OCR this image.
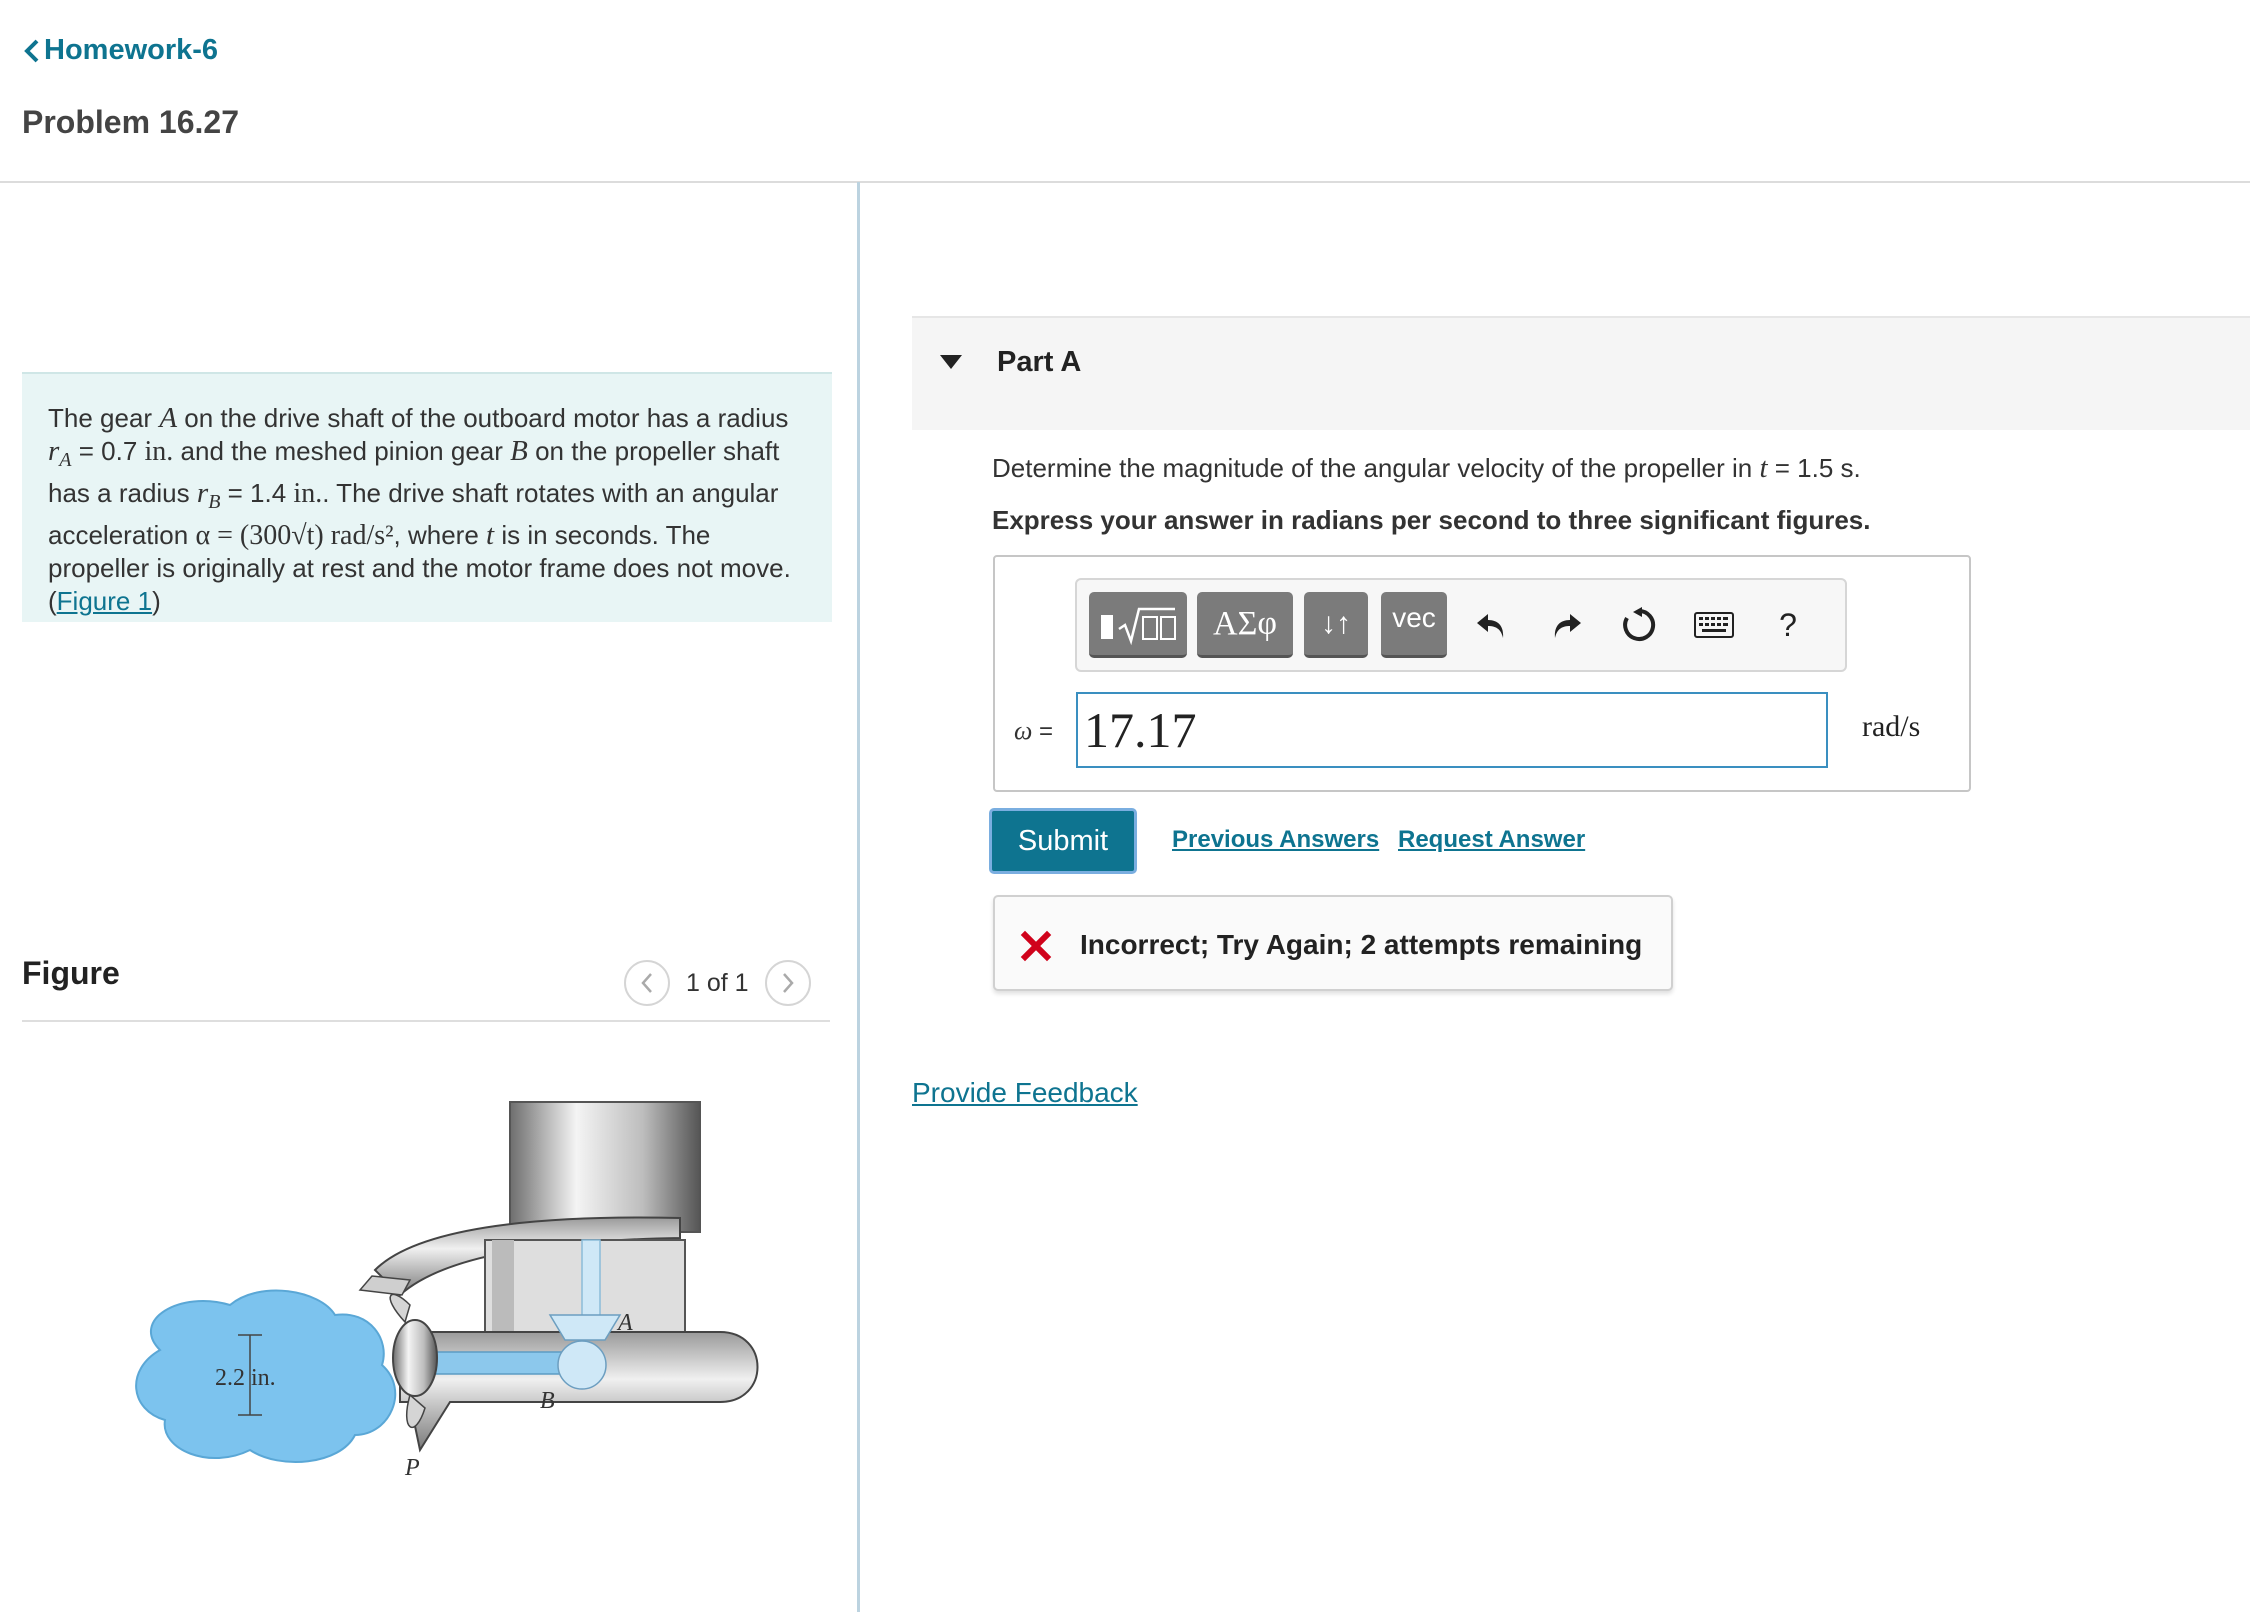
Homework-6
Problem 16.27
The gear A on the drive shaft of the outboard motor has a radius $r_A = 0.7$ in. and the meshed pinion gear B on the propeller shaft has a radius $r_B = 1.4$ in.. The drive shaft rotates with an angular acceleration α = (300√t) rad/s², where t is in seconds. The propeller is originally at rest and the motor frame does not move. (Figure 1)
Figure	1 of 1
2.2 in.
A
B
P
Part A
Determine the magnitude of the angular velocity of the propeller in t = 1.5 s.
Express your answer in radians per second to three significant figures.
ΑΣφ	↓↑	vec	?
ω =
17.17	rad/s
Submit	Previous Answers Request Answer
Incorrect; Try Again; 2 attempts remaining
Provide Feedback
